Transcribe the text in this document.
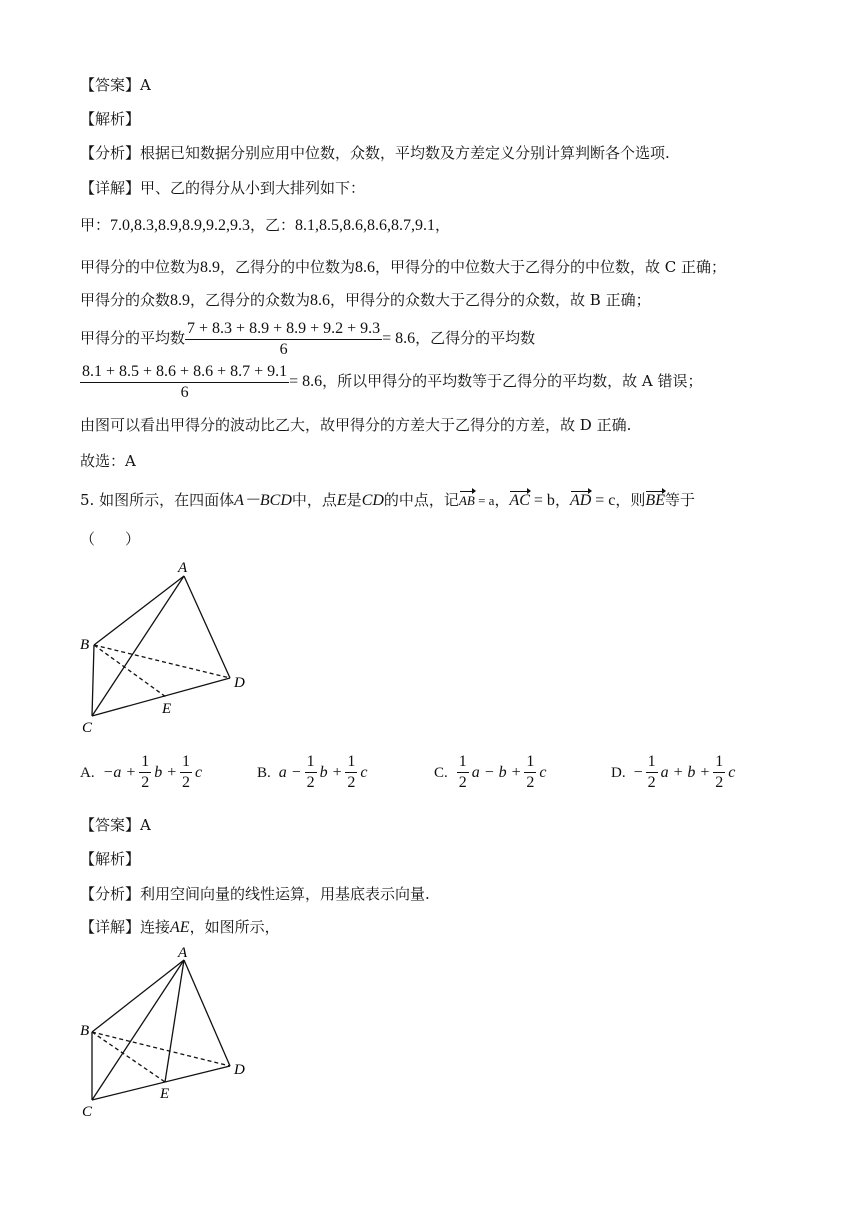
【答案】A
【解析】
【分析】根据已知数据分别应用中位数，众数，平均数及方差定义分别计算判断各个选项.
【详解】甲、乙的得分从小到大排列如下：
甲：7.0,8.3,8.9,8.9,9.2,9.3，乙：8.1,8.5,8.6,8.6,8.7,9.1，
甲得分的中位数为8.9，乙得分的中位数为8.6，甲得分的中位数大于乙得分的中位数，故 C 正确；
甲得分的众数8.9，乙得分的众数为8.6，甲得分的众数大于乙得分的众数，故 B 正确；
甲得分的平均数 $\frac{7 + 8.3 + 8.9 + 8.9 + 9.2 + 9.3}{6} = 8.6$，乙得分的平均数
$\frac{8.1 + 8.5 + 8.6 + 8.6 + 8.7 + 9.1}{6} = 8.6$，所以甲得分的平均数等于乙得分的平均数，故 A 错误；
由图可以看出甲得分的波动比乙大，故甲得分的方差大于乙得分的方差，故 D 正确.
故选：A
5. 如图所示，在四面体A－BCD中，点E是CD的中点，记AB = a，AC = b，AD = c，则BE等于
（　　）
A
B
C
D
E
A. $-a + \frac{1}{2}$ $b + \frac{1}{2}$ c	B. $a - \frac{1}{2}$ $b + \frac{1}{2}$ c	C. $\frac{1}{2}$ $a - b + \frac{1}{2}$ c	D. − $\frac{1}{2}$ $a + b + \frac{1}{2}$ c
【答案】A
【解析】
【分析】利用空间向量的线性运算，用基底表示向量.
【详解】连接AE，如图所示，
A
B
C
D
E
